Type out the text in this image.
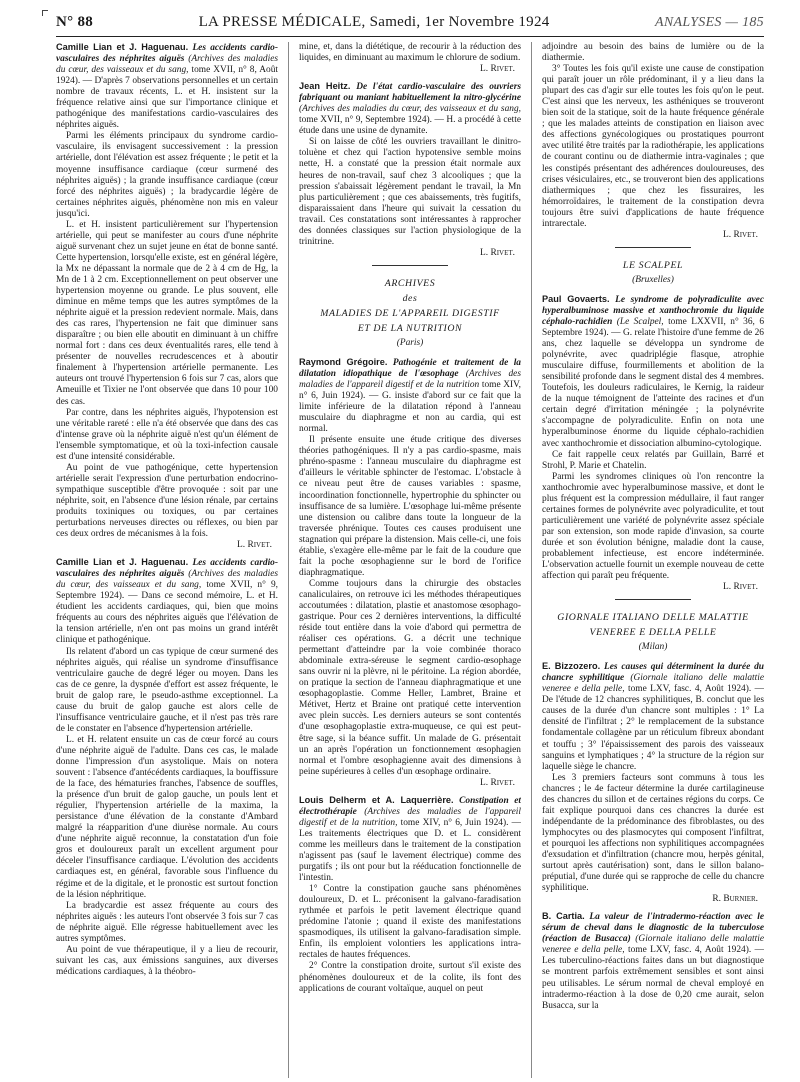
N° 88	LA PRESSE MÉDICALE, Samedi, 1er Novembre 1924	ANALYSES — 185

Camille Lian et J. Haguenau. Les accidents cardio-vasculaires des néphrites aiguës (Archives des maladies du cœur, des vaisseaux et du sang, tome XVII, n° 8, Août 1924). — D'après 7 observations personnelles et un certain nombre de travaux récents, L. et H. insistent sur la fréquence relative ainsi que sur l'importance clinique et pathogénique des manifestations cardio-vasculaires des néphrites aiguës.

Parmi les éléments principaux du syndrome cardio-vasculaire, ils envisagent successivement : la pression artérielle, dont l'élévation est assez fréquente ; le petit et la moyenne insuffisance cardiaque (cœur surmené des néphrites aiguës) ; la grande insuffisance cardiaque (cœur forcé des néphrites aiguës) ; la bradycardie légère de certaines néphrites aiguës, phénomène non mis en valeur jusqu'ici.

L. et H. insistent particulièrement sur l'hypertension artérielle, qui peut se manifester au cours d'une néphrite aiguë survenant chez un sujet jeune en état de bonne santé. Cette hypertension, lorsqu'elle existe, est en général légère, la Mx ne dépassant la normale que de 2 à 4 cm de Hg, la Mn de 1 à 2 cm. Exceptionnellement on peut observer une hypertension moyenne ou grande. Le plus souvent, elle diminue en même temps que les autres symptômes de la néphrite aiguë et la pression redevient normale. Mais, dans des cas rares, l'hypertension ne fait que diminuer sans disparaître ; ou bien elle aboutit en diminuant à un chiffre normal fort : dans ces deux éventualités rares, elle tend à présenter de nouvelles recrudescences et à aboutir finalement à l'hypertension artérielle permanente. Les auteurs ont trouvé l'hypertension 6 fois sur 7 cas, alors que Ameuille et Tixier ne l'ont observée que dans 10 pour 100 des cas.

Par contre, dans les néphrites aiguës, l'hypotension est une véritable rareté : elle n'a été observée que dans des cas d'intense grave où la néphrite aiguë n'est qu'un élément de l'ensemble symptomatique, et où la toxi-infection causale est d'une intensité considérable.

Au point de vue pathogénique, cette hypertension artérielle serait l'expression d'une perturbation endocrino-sympathique susceptible d'être provoquée : soit par une néphrite, soit, en l'absence d'une lésion rénale, par certains produits toxiniques ou toxiques, ou par certaines perturbations nerveuses directes ou réflexes, ou bien par ces deux ordres de mécanismes à la fois.

L. Rivet.

Camille Lian et J. Haguenau. Les accidents cardio-vasculaires des néphrites aiguës (Archives des maladies du cœur, des vaisseaux et du sang, tome XVII, n° 9, Septembre 1924). — Dans ce second mémoire, L. et H. étudient les accidents cardiaques, qui, bien que moins fréquents au cours des néphrites aiguës que l'élévation de la tension artérielle, n'en ont pas moins un grand intérêt clinique et pathogénique.

Ils relatent d'abord un cas typique de cœur surmené des néphrites aiguës, qui réalise un syndrome d'insuffisance ventriculaire gauche de degré léger ou moyen. Dans les cas de ce genre, la dyspnée d'effort est assez fréquente, le bruit de galop rare, le pseudo-asthme exceptionnel. La cause du bruit de galop gauche est alors celle de l'insuffisance ventriculaire gauche, et il n'est pas très rare de le constater en l'absence d'hypertension artérielle.

L. et H. relatent ensuite un cas de cœur forcé au cours d'une néphrite aiguë de l'adulte. Dans ces cas, le malade donne l'impression d'un asystolique. Mais on notera souvent : l'absence d'antécédents cardiaques, la bouffissure de la face, des hématuries franches, l'absence de souffles, la présence d'un bruit de galop gauche, un pouls lent et régulier, l'hypertension artérielle de la maxima, la persistance d'une élévation de la constante d'Ambard malgré la réapparition d'une diurèse normale. Au cours d'une néphrite aiguë reconnue, la constatation d'un foie gros et douloureux paraît un excellent argument pour déceler l'insuffisance cardiaque. L'évolution des accidents cardiaques est, en général, favorable sous l'influence du régime et de la digitale, et le pronostic est surtout fonction de la lésion néphritique.

La bradycardie est assez fréquente au cours des néphrites aiguës : les auteurs l'ont observée 3 fois sur 7 cas de néphrite aiguë. Elle régresse habituellement avec les autres symptômes.

Au point de vue thérapeutique, il y a lieu de recourir, suivant les cas, aux émissions sanguines, aux diverses médications cardiaques, à la théobro-

mine, et, dans la diététique, de recourir à la réduction des liquides, en diminuant au maximum le chlorure de sodium.

L. Rivet.

Jean Heitz. De l'état cardio-vasculaire des ouvriers fabriquant ou maniant habituellement la nitro-glycérine (Archives des maladies du cœur, des vaisseaux et du sang, tome XVII, n° 9, Septembre 1924). — H. a procédé à cette étude dans une usine de dynamite.

Si on laisse de côté les ouvriers travaillant le dinitro-toluène et chez qui l'action hypotensive semble moins nette, H. a constaté que la pression était normale aux heures de non-travail, sauf chez 3 alcooliques ; que la pression s'abaissait légèrement pendant le travail, la Mn plus particulièrement ; que ces abaissements, très fugitifs, disparaissaient dans l'heure qui suivait la cessation du travail. Ces constatations sont intéressantes à rapprocher des données classiques sur l'action physiologique de la trinitrine.

L. Rivet.
ARCHIVES
des
MALADIES DE L'APPAREIL DIGESTIF
ET DE LA NUTRITION
(Paris)

Raymond Grégoire. Pathogénie et traitement de la dilatation idiopathique de l'œsophage (Archives des maladies de l'appareil digestif et de la nutrition tome XIV, n° 6, Juin 1924). — G. insiste d'abord sur ce fait que la limite inférieure de la dilatation répond à l'anneau musculaire du diaphragme et non au cardia, qui est normal.

Il présente ensuite une étude critique des diverses théories pathogéniques. Il n'y a pas cardio-spasme, mais phréno-spasme : l'anneau musculaire du diaphragme est d'ailleurs le véritable sphincter de l'estomac. L'obstacle à ce niveau peut être de causes variables : spasme, incoordination fonctionnelle, hypertrophie du sphincter ou insuffisance de sa lumière. L'œsophage lui-même présente une distension ou calibre dans toute la longueur de la traversée phrénique. Toutes ces causes produisent une stagnation qui prépare la distension. Mais celle-ci, une fois établie, s'exagère elle-même par le fait de la coudure que fait la poche œsophagienne sur le bord de l'orifice diaphragmatique.

Comme toujours dans la chirurgie des obstacles canaliculaires, on retrouve ici les méthodes thérapeutiques accoutumées : dilatation, plastie et anastomose œsophago-gastrique. Pour ces 2 dernières interventions, la difficulté réside tout entière dans la voie d'abord qui permettra de réaliser ces opérations. G. a décrit une technique permettant d'atteindre par la voie combinée thoraco abdominale extra-séreuse le segment cardio-œsophage sans ouvrir ni la plèvre, ni le péritoine. La région abordée, on pratique la section de l'anneau diaphragmatique et une œsophagoplastie. Comme Heller, Lambret, Braine et Métivet, Hertz et Braine ont pratiqué cette intervention avec plein succès. Les derniers auteurs se sont contentés d'une œsophagoplastie extra-muqueuse, ce qui est peut-être sage, si la béance suffit. Un malade de G. présentait un an après l'opération un fonctionnement œsophagien normal et l'ombre œsophagienne avait des dimensions à peine supérieures à celles d'un œsophage ordinaire.

L. Rivet.

Louis Delherm et A. Laquerrière. Constipation et électrothérapie (Archives des maladies de l'appareil digestif et de la nutrition, tome XIV, n° 6, Juin 1924). — Les traitements électriques que D. et L. considèrent comme les meilleurs dans le traitement de la constipation n'agissent pas (sauf le lavement électrique) comme des purgatifs ; ils ont pour but la rééducation fonctionnelle de l'intestin.

1° Contre la constipation gauche sans phénomènes douloureux, D. et L. préconisent la galvano-faradisation rythmée et parfois le petit lavement électrique quand prédomine l'atonie ; quand il existe des manifestations spasmodiques, ils utilisent la galvano-faradisation simple. Enfin, ils emploient volontiers les applications intra-rectales de hautes fréquences.

2° Contre la constipation droite, surtout s'il existe des phénomènes douloureux et de la colite, ils font des applications de courant voltaïque, auquel on peut

adjoindre au besoin des bains de lumière ou de la diathermie.

3° Toutes les fois qu'il existe une cause de constipation qui paraît jouer un rôle prédominant, il y a lieu dans la plupart des cas d'agir sur elle toutes les fois qu'on le peut. C'est ainsi que les nerveux, les asthéniques se trouveront bien soit de la statique, soit de la haute fréquence générale ; que les malades atteints de constipation en liaison avec des affections gynécologiques ou prostatiques pourront avec utilité être traités par la radiothérapie, les applications de courant continu ou de diathermie intra-vaginales ; que les constipés présentant des adhérences douloureuses, des crises vésiculaires, etc., se trouveront bien des applications diathermiques ; que chez les fissuraires, les hémorroïdaires, le traitement de la constipation devra toujours être suivi d'applications de haute fréquence intrarectale.

L. Rivet.
LE SCALPEL
(Bruxelles)

Paul Govaerts. Le syndrome de polyradiculite avec hyperalbuminose massive et xanthochromie du liquide céphalo-rachidien (Le Scalpel, tome LXXVII, n° 36, 6 Septembre 1924). — G. relate l'histoire d'une femme de 26 ans, chez laquelle se développa un syndrome de polynévrite, avec quadriplégie flasque, atrophie musculaire diffuse, fourmillements et abolition de la sensibilité profonde dans le segment distal des 4 membres. Toutefois, les douleurs radiculaires, le Kernig, la raideur de la nuque témoignent de l'atteinte des racines et d'un certain degré d'irritation méningée ; la polynévrite s'accompagne de polyradiculite. Enfin on nota une hyperalbuminose énorme du liquide céphalo-rachidien avec xanthochromie et dissociation albumino-cytologique.

Ce fait rappelle ceux relatés par Guillain, Barré et Strohl, P. Marie et Chatelin.

Parmi les syndromes cliniques où l'on rencontre la xanthochromie avec hyperalbuminose massive, et dont le plus fréquent est la compression médullaire, il faut ranger certaines formes de polynévrite avec polyradiculite, et tout particulièrement une variété de polynévrite assez spéciale par son extension, son mode rapide d'invasion, sa courte durée et son évolution bénigne, maladie dont la cause, probablement infectieuse, est encore indéterminée. L'observation actuelle fournit un exemple nouveau de cette affection qui paraît peu fréquente.

L. Rivet.
GIORNALE ITALIANO DELLE MALATTIE
VENEREE E DELLA PELLE
(Milan)

E. Bizzozero. Les causes qui déterminent la durée du chancre syphilitique (Giornale italiano delle malattie veneree e della pelle, tome LXV, fasc. 4, Août 1924). — De l'étude de 12 chancres syphilitiques, B. conclut que les causes de la durée d'un chancre sont multiples : 1° La densité de l'infiltrat ; 2° le remplacement de la substance fondamentale collagène par un réticulum fibreux abondant et touffu ; 3° l'épaississement des parois des vaisseaux sanguins et lymphatiques ; 4° la structure de la région sur laquelle siège le chancre.

Les 3 premiers facteurs sont communs à tous les chancres ; le 4e facteur détermine la durée cartilagineuse des chancres du sillon et de certaines régions du corps. Ce fait explique pourquoi dans ces chancres la durée est indépendante de la prédominance des fibroblastes, ou des lymphocytes ou des plasmocytes qui composent l'infiltrat, et pourquoi les affections non syphilitiques accompagnées d'exsudation et d'infiltration (chancre mou, herpès génital, surtout après cautérisation) sont, dans le sillon balano-préputial, d'une durée qui se rapproche de celle du chancre syphilitique.

R. Burnier.

B. Cartia. La valeur de l'intradermo-réaction avec le sérum de cheval dans le diagnostic de la tuberculose (réaction de Busacca) (Giornale italiano delle malattie veneree e della pelle, tome LXV, fasc. 4, Août 1924). — Les tuberculino-réactions faites dans un but diagnostique se montrent parfois extrêmement sensibles et sont ainsi peu utilisables. Le sérum normal de cheval employé en intradermo-réaction à la dose de 0,20 cme aurait, selon Busacca, sur la
